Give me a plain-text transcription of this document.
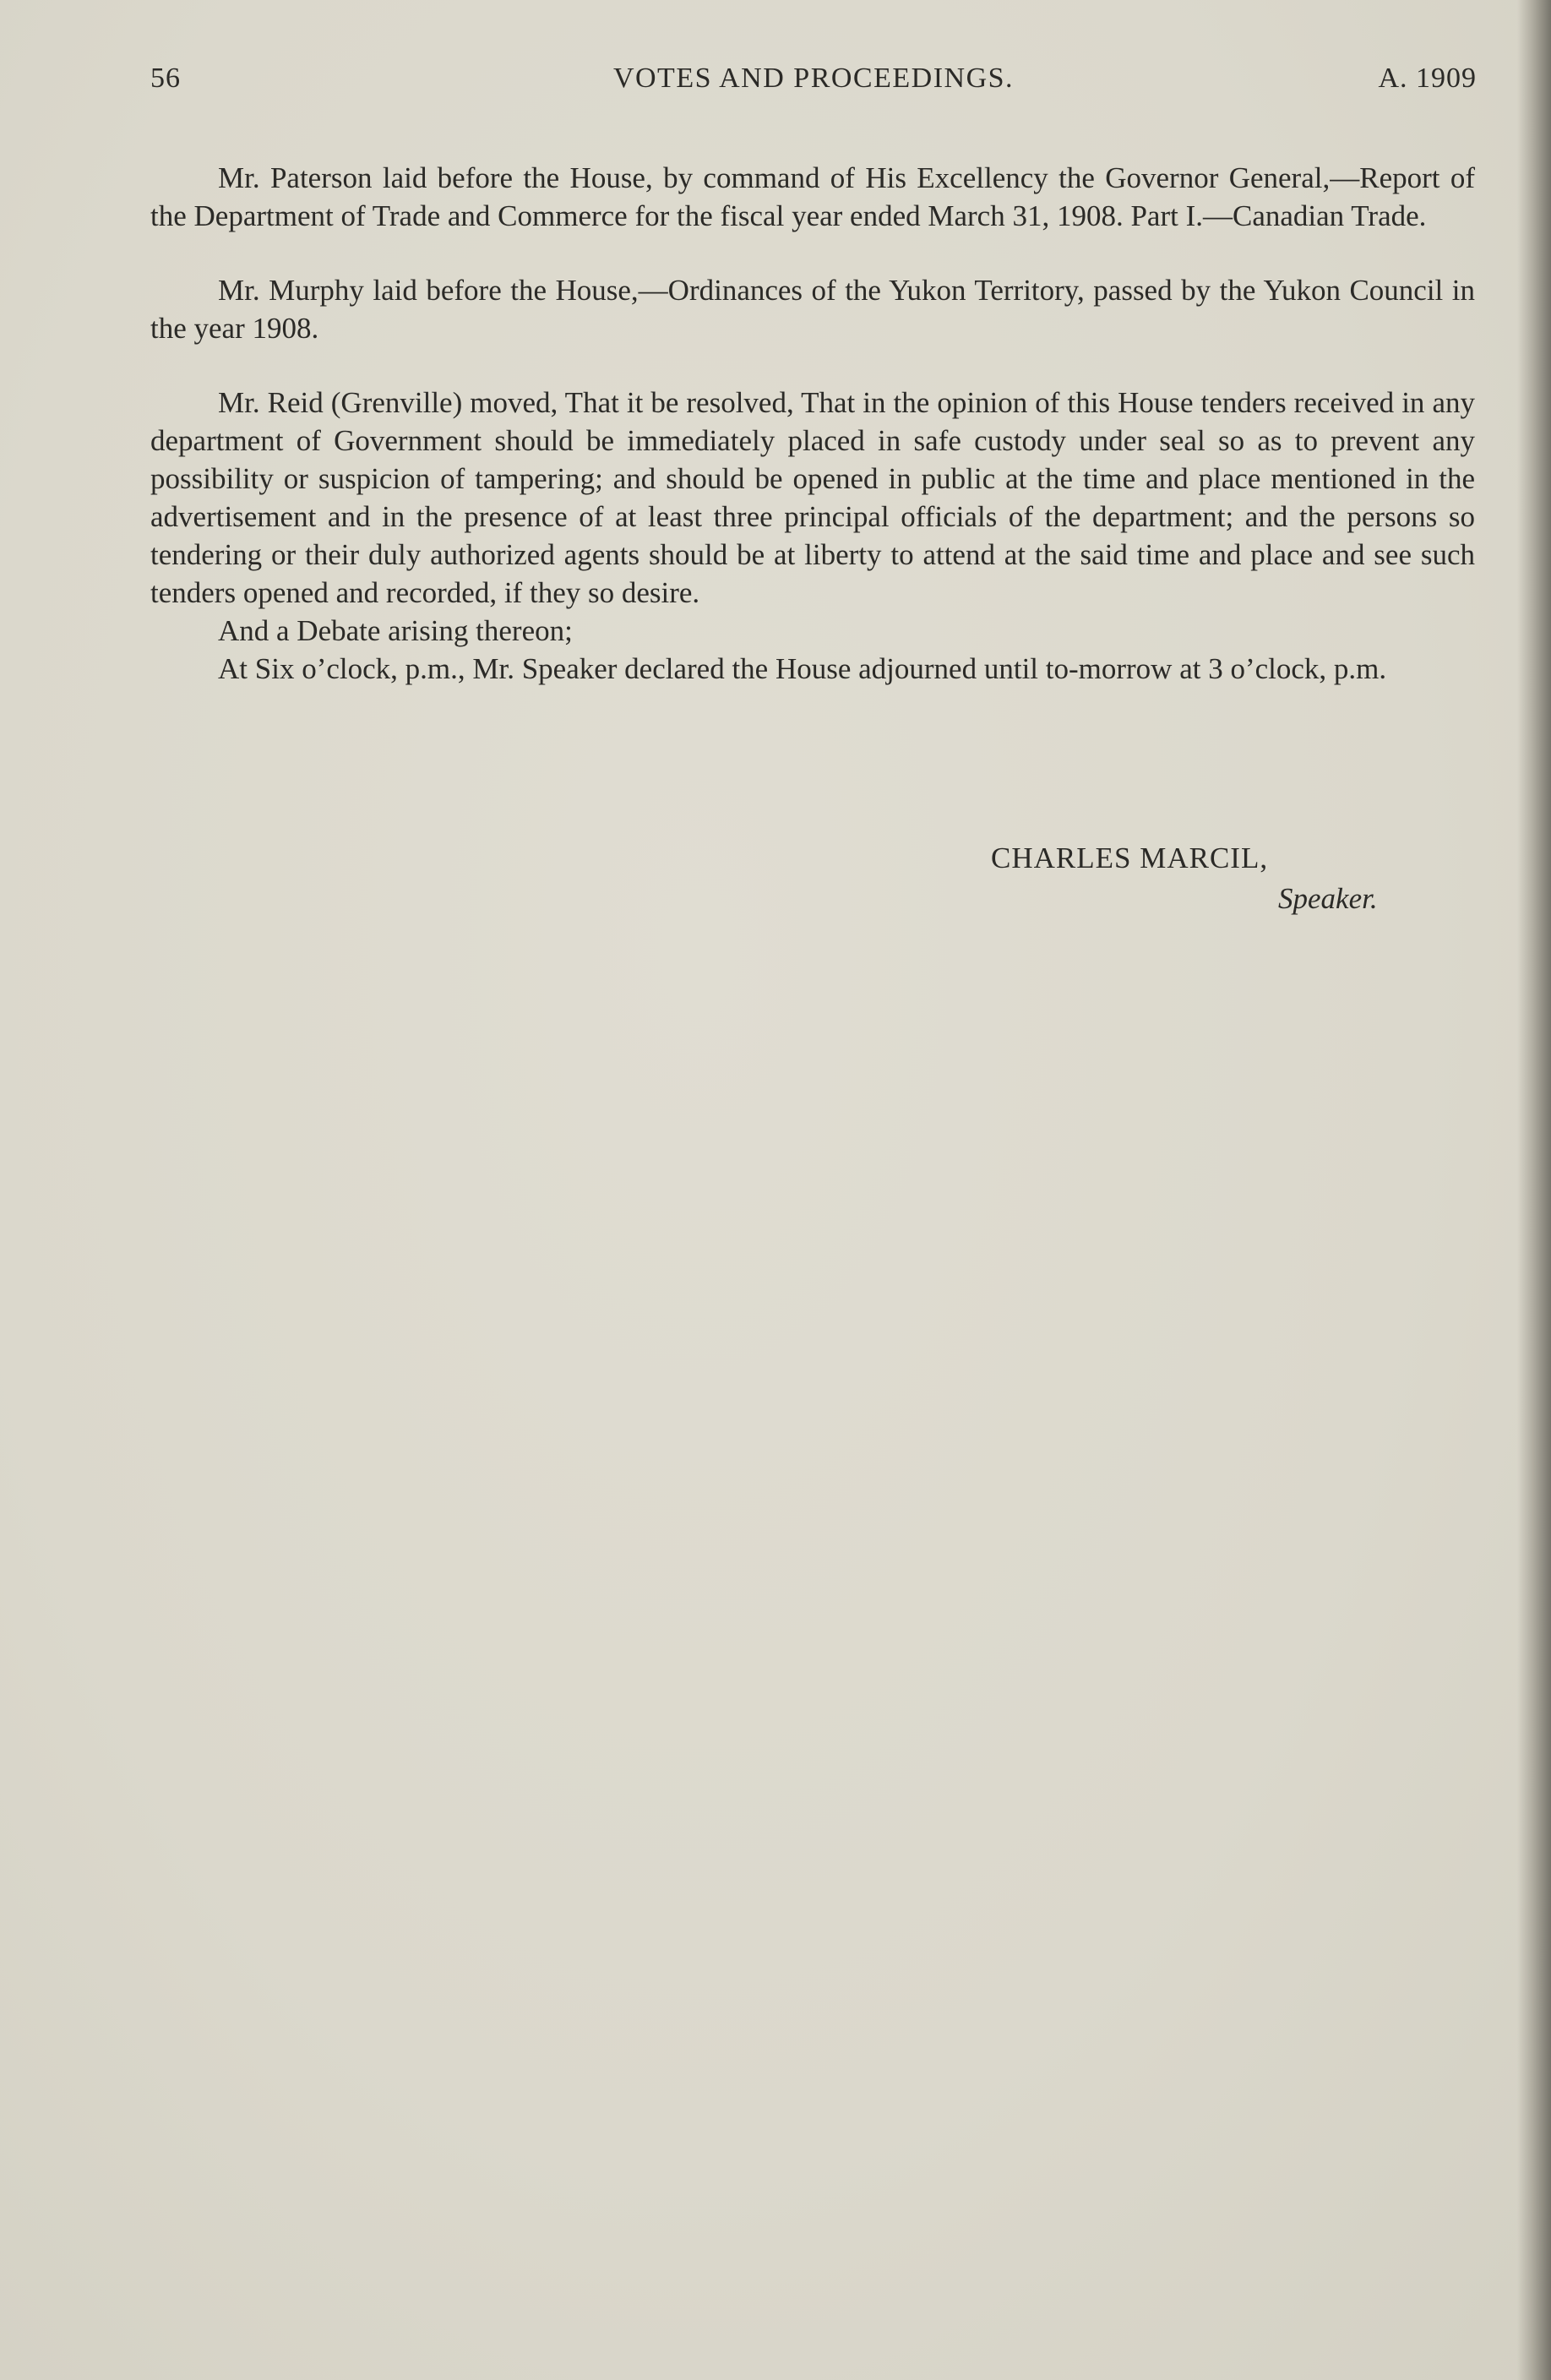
56	VOTES AND PROCEEDINGS.	A. 1909

Mr. Paterson laid before the House, by command of His Excellency the Governor General,—Report of the Department of Trade and Commerce for the fiscal year ended March 31, 1908. Part I.—Canadian Trade.

Mr. Murphy laid before the House,—Ordinances of the Yukon Territory, passed by the Yukon Council in the year 1908.

Mr. Reid (Grenville) moved, That it be resolved, That in the opinion of this House tenders received in any department of Government should be immediately placed in safe custody under seal so as to prevent any possibility or suspicion of tampering; and should be opened in public at the time and place mentioned in the advertisement and in the presence of at least three principal officials of the department; and the persons so tendering or their duly authorized agents should be at liberty to attend at the said time and place and see such tenders opened and recorded, if they so desire.

And a Debate arising thereon;

At Six o’clock, p.m., Mr. Speaker declared the House adjourned until to-morrow at 3 o’clock, p.m.

CHARLES MARCIL,
Speaker.
